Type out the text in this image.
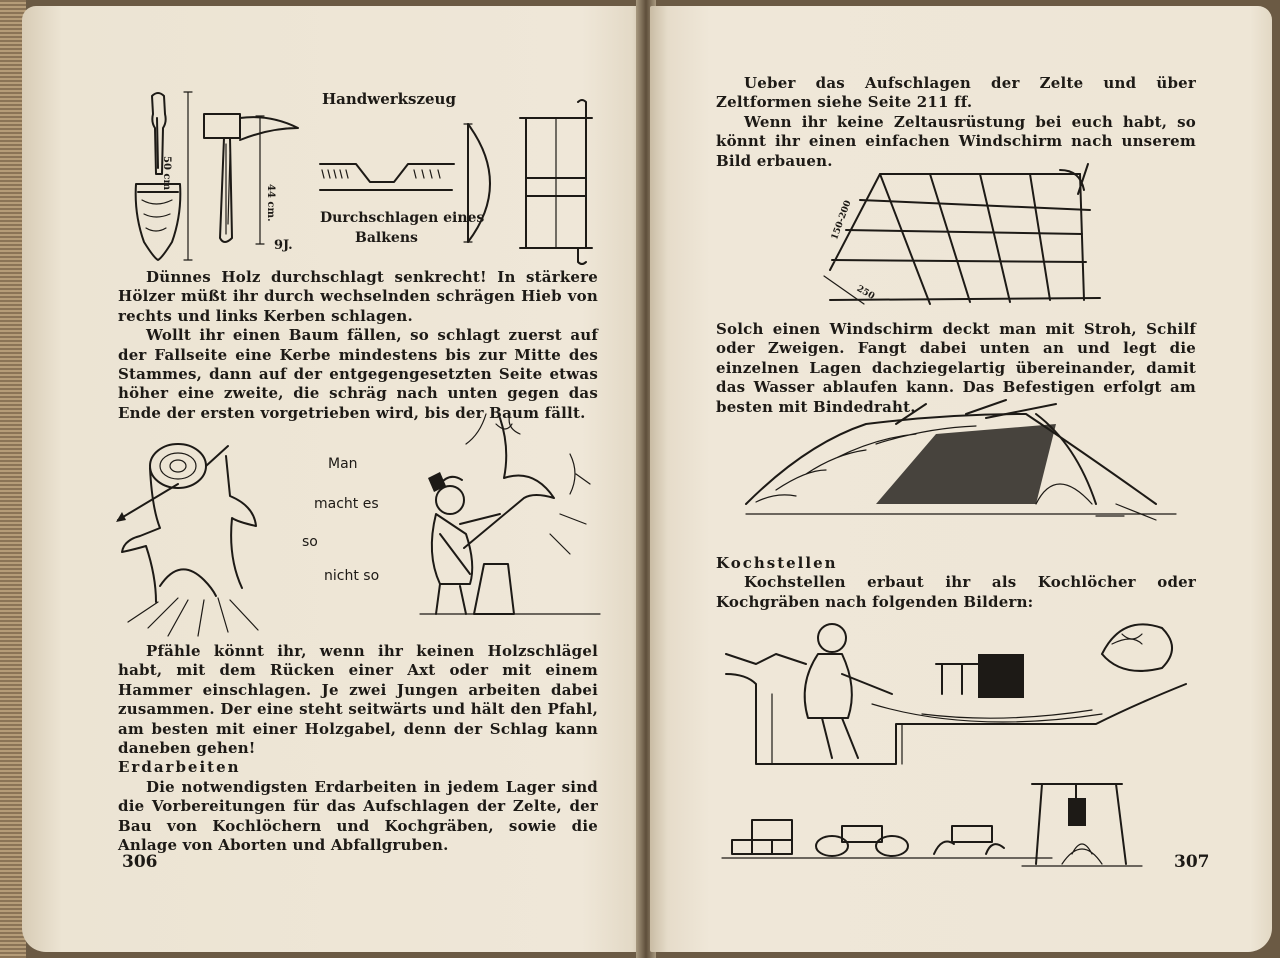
50 cm.
44 cm.
9J.
Handwerkszeug
Durchschlagen eines
Balkens

Dünnes Holz durchschlagt senkrecht! In stärkere Hölzer müßt ihr durch wechselnden schrägen Hieb von rechts und links Kerben schlagen.

Wollt ihr einen Baum fällen, so schlagt zuerst auf der Fallseite eine Kerbe mindestens bis zur Mitte des Stammes, dann auf der entgegengesetzten Seite etwas höher eine zweite, die schräg nach unten gegen das Ende der ersten vorgetrieben wird, bis der Baum fällt.

Man
macht es
so
nicht so

Pfähle könnt ihr, wenn ihr keinen Holzschlägel habt, mit dem Rücken einer Axt oder mit einem Hammer einschlagen. Je zwei Jungen arbeiten dabei zusammen. Der eine steht seitwärts und hält den Pfahl, am besten mit einer Holzgabel, denn der Schlag kann daneben gehen!

Erdarbeiten

Die notwendigsten Erdarbeiten in jedem Lager sind die Vorbereitungen für das Aufschlagen der Zelte, der Bau von Kochlöchern und Kochgräben, sowie die Anlage von Aborten und Abfallgruben.

306

Ueber das Aufschlagen der Zelte und über Zeltformen siehe Seite 211 ff.

Wenn ihr keine Zeltausrüstung bei euch habt, so könnt ihr einen einfachen Windschirm nach unserem Bild erbauen.

150-200
250

Solch einen Windschirm deckt man mit Stroh, Schilf oder Zweigen. Fangt dabei unten an und legt die einzelnen Lagen dachziegelartig übereinander, damit das Wasser ablaufen kann. Das Befestigen erfolgt am besten mit Bindedraht.

Kochstellen

Kochstellen erbaut ihr als Kochlöcher oder Kochgräben nach folgenden Bildern:

307
